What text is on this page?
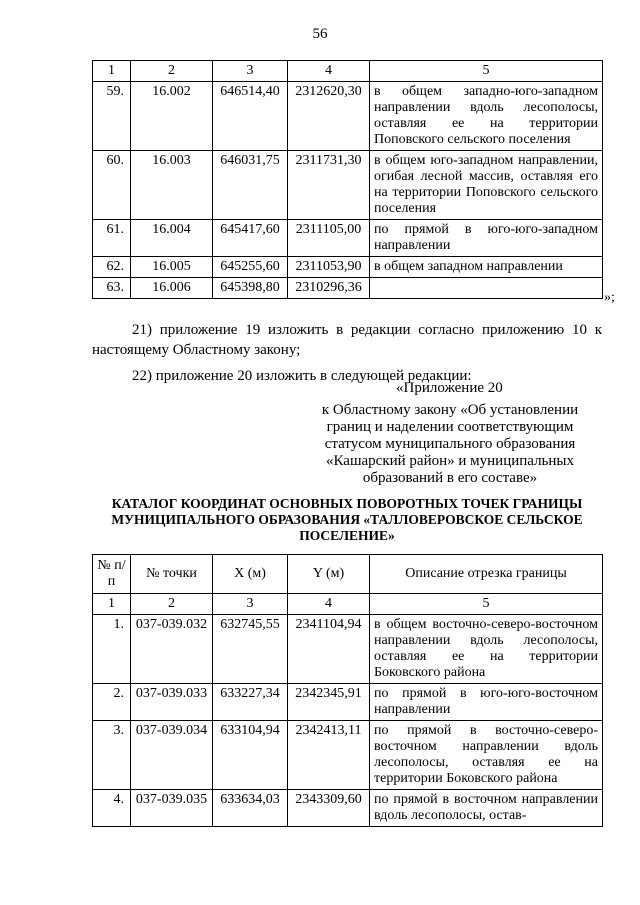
56
1	2	3	4	5
59.	16.002	646514,40	2312620,30	в общем западно-юго-западном направлении вдоль лесополосы, оставляя ее на территории Поповского сельского поселения
60.	16.003	646031,75	2311731,30	в общем юго-западном направлении, огибая лесной массив, оставляя его на территории Поповского сельского поселения
61.	16.004	645417,60	2311105,00	по прямой в юго-юго-западном направлении
62.	16.005	645255,60	2311053,90	в общем западном направлении
63.	16.006	645398,80	2310296,36	
»;
21) приложение 19 изложить в редакции согласно приложению 10 к настоящему Областному закону;
22) приложение 20 изложить в следующей редакции:
«Приложение 20
к Областному закону «Об установлении границ и наделении соответствующим статусом муниципального образования «Кашарский район» и муниципальных образований в его составе»
КАТАЛОГ КООРДИНАТ ОСНОВНЫХ ПОВОРОТНЫХ ТОЧЕК ГРАНИЦЫ МУНИЦИПАЛЬНОГО ОБРАЗОВАНИЯ «ТАЛЛОВЕРОВСКОЕ СЕЛЬСКОЕ ПОСЕЛЕНИЕ»
№ п/п	№ точки	X (м)	Y (м)	Описание отрезка границы
1	2	3	4	5
1.	037-039.032	632745,55	2341104,94	в общем восточно-северо-восточном направлении вдоль лесополосы, оставляя ее на территории Боковского района
2.	037-039.033	633227,34	2342345,91	по прямой в юго-юго-восточном направлении
3.	037-039.034	633104,94	2342413,11	по прямой в восточно-северо-восточном направлении вдоль лесополосы, оставляя ее на территории Боковского района
4.	037-039.035	633634,03	2343309,60	по прямой в восточном направлении вдоль лесополосы, остав-
